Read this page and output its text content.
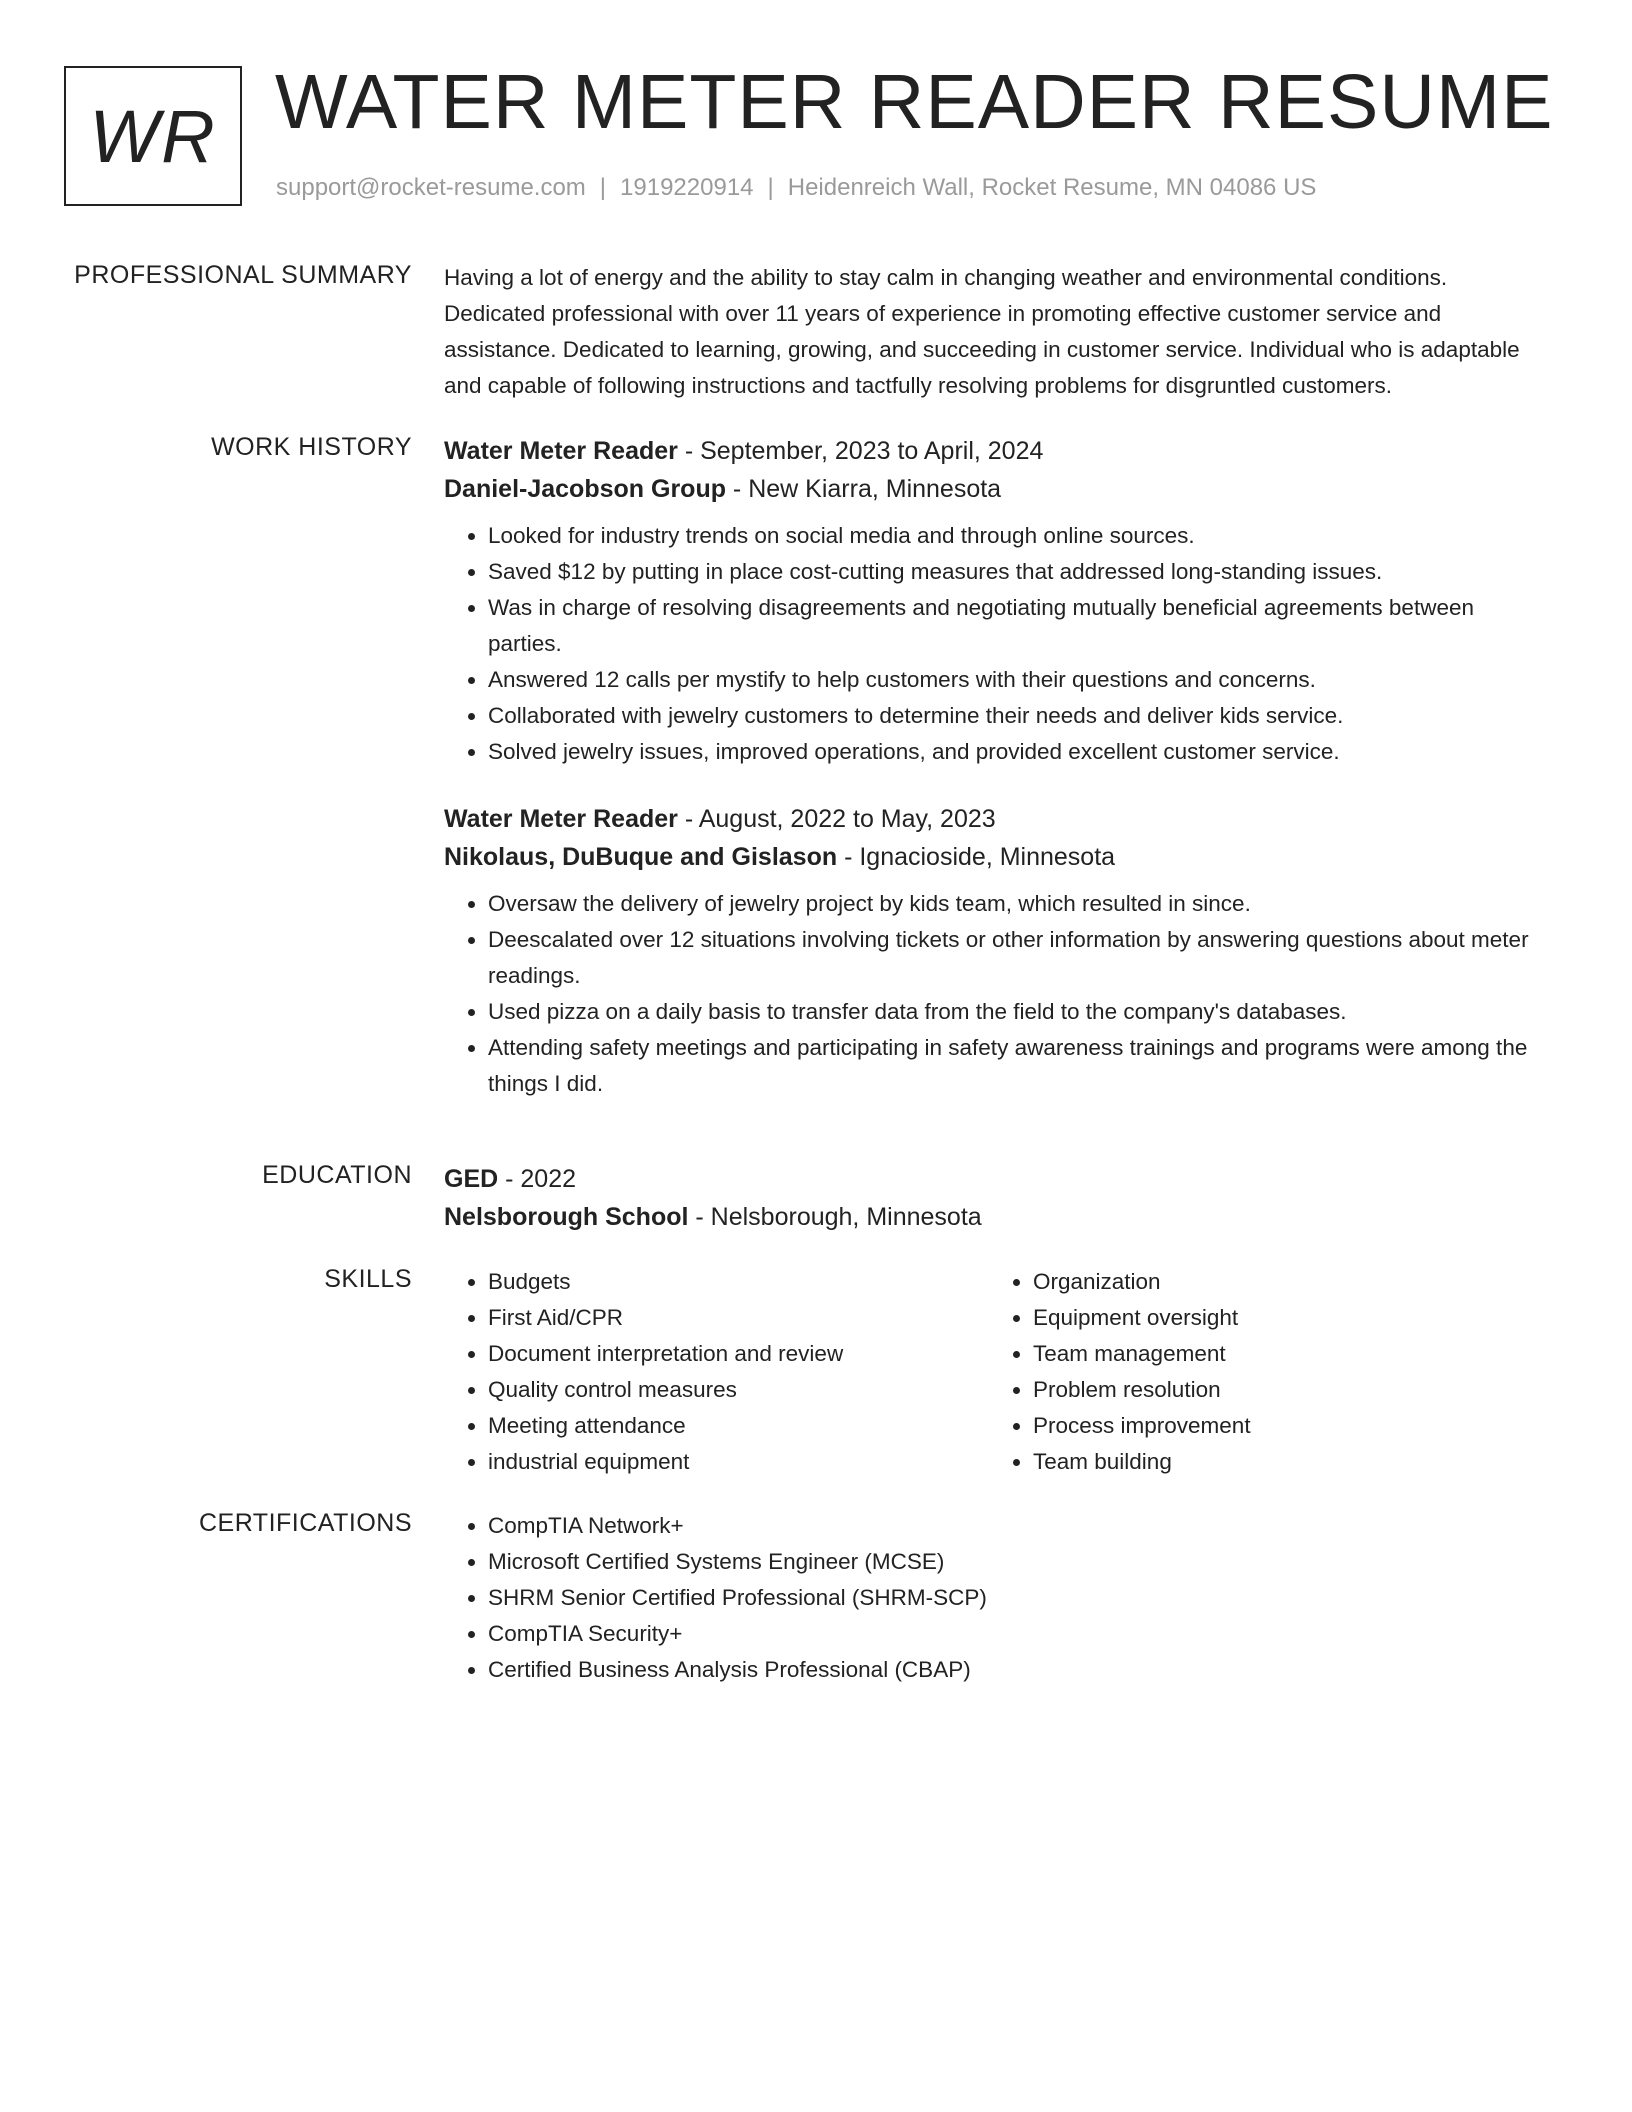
WR WATER METER READER RESUME
support@rocket-resume.com | 1919220914 | Heidenreich Wall, Rocket Resume, MN 04086 US
PROFESSIONAL SUMMARY Having a lot of energy and the ability to stay calm in changing weather and environmental conditions. Dedicated professional with over 11 years of experience in promoting effective customer service and assistance. Dedicated to learning, growing, and succeeding in customer service. Individual who is adaptable and capable of following instructions and tactfully resolving problems for disgruntled customers.

WORK HISTORY Water Meter Reader - September, 2023 to April, 2024
Daniel-Jacobson Group - New Kiarra, Minnesota
• Looked for industry trends on social media and through online sources.
• Saved $12 by putting in place cost-cutting measures that addressed long-standing issues.
• Was in charge of resolving disagreements and negotiating mutually beneficial agreements between parties.
• Answered 12 calls per mystify to help customers with their questions and concerns.
• Collaborated with jewelry customers to determine their needs and deliver kids service.
• Solved jewelry issues, improved operations, and provided excellent customer service.
Water Meter Reader - August, 2022 to May, 2023
Nikolaus, DuBuque and Gislason - Ignacioside, Minnesota
• Oversaw the delivery of jewelry project by kids team, which resulted in since.
• Deescalated over 12 situations involving tickets or other information by answering questions about meter readings.
• Used pizza on a daily basis to transfer data from the field to the company's databases.
• Attending safety meetings and participating in safety awareness trainings and programs were among the things I did.
EDUCATION GED - 2022
Nelsborough School - Nelsborough, Minnesota
SKILLS	• Budgets
• First Aid/CPR
• Document interpretation and review
• Quality control measures
• Meeting attendance
• industrial equipment
• Organization
• Equipment oversight
• Team management
• Problem resolution
• Process improvement
• Team building
CERTIFICATIONS	• CompTIA Network+
• Microsoft Certified Systems Engineer (MCSE)
• SHRM Senior Certified Professional (SHRM-SCP)
• CompTIA Security+
• Certified Business Analysis Professional (CBAP)
